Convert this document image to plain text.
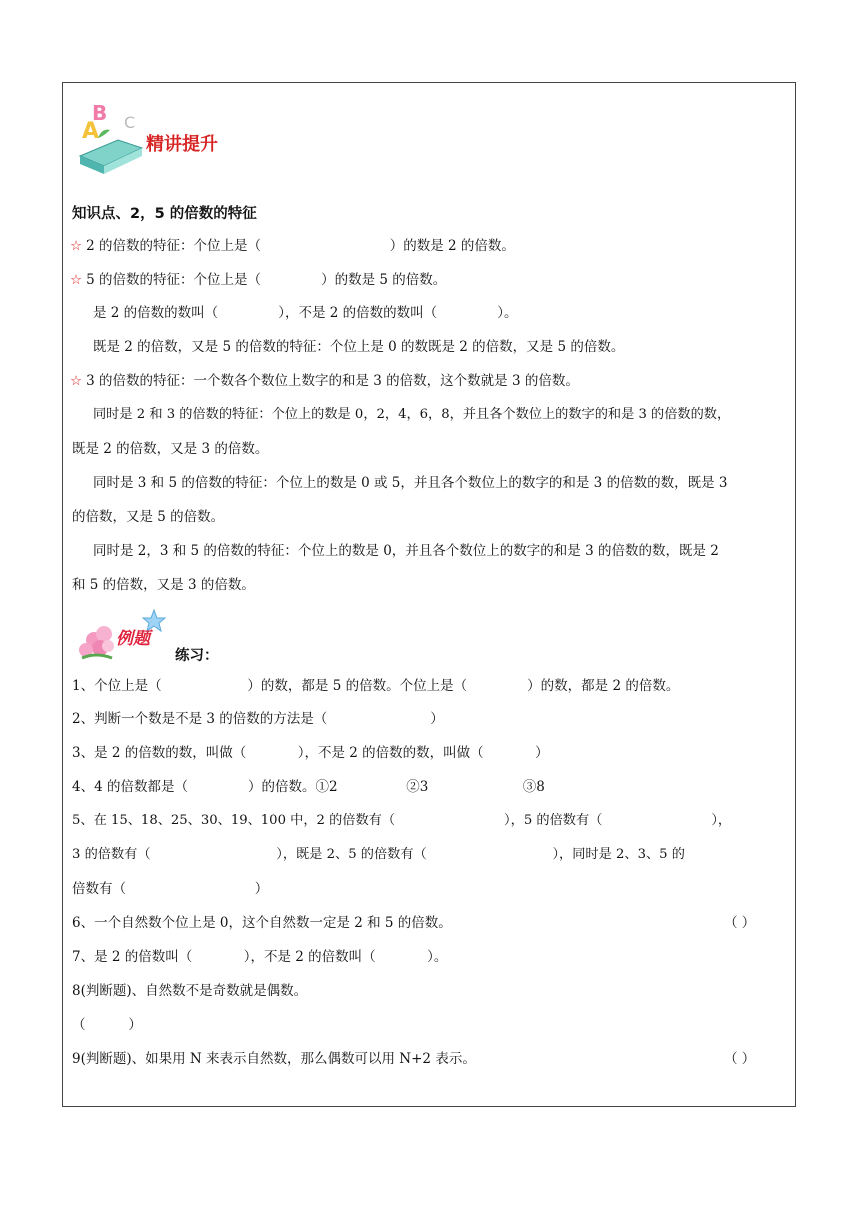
A
B C
精讲提升
知识点、2，5 的倍数的特征
☆ 2 的倍数的特征：个位上是（                              ）的数是 2 的倍数。
☆ 5 的倍数的特征：个位上是（              ）的数是 5 的倍数。
是 2 的倍数的数叫（              ），不是 2 的倍数的数叫（              ）。
既是 2 的倍数，又是 5 的倍数的特征：个位上是 0 的数既是 2 的倍数，又是 5 的倍数。
☆ 3 的倍数的特征：一个数各个数位上数字的和是 3 的倍数，这个数就是 3 的倍数。
同时是 2 和 3 的倍数的特征：个位上的数是 0，2，4，6，8，并且各个数位上的数字的和是 3 的倍数的数，
既是 2 的倍数，又是 3 的倍数。
同时是 3 和 5 的倍数的特征：个位上的数是 0 或 5，并且各个数位上的数字的和是 3 的倍数的数，既是 3
的倍数，又是 5 的倍数。
同时是 2，3 和 5 的倍数的特征：个位上的数是 0，并且各个数位上的数字的和是 3 的倍数的数，既是 2
和 5 的倍数，又是 3 的倍数。
例题
练习：
1、个位上是（                    ）的数，都是 5 的倍数。个位上是（              ）的数，都是 2 的倍数。
2、判断一个数是不是 3 的倍数的方法是（                        ）
3、是 2 的倍数的数，叫做（            ），不是 2 的倍数的数，叫做（            ）
4、4 的倍数都是（              ）的倍数。①2                ②3                      ③8
5、在 15、18、25、30、19、100 中，2 的倍数有（                          ），5 的倍数有（                          ），
3 的倍数有（                              ），既是 2、5 的倍数有（                              ），同时是 2、3、5 的
倍数有（                              ）
6、一个自然数个位上是 0，这个自然数一定是 2 和 5 的倍数。	（ ）
7、是 2 的倍数叫（            ），不是 2 的倍数叫（            ）。
8(判断题)、自然数不是奇数就是偶数。
（          ）
9(判断题)、如果用 N 来表示自然数，那么偶数可以用 N+2 表示。	（ ）
